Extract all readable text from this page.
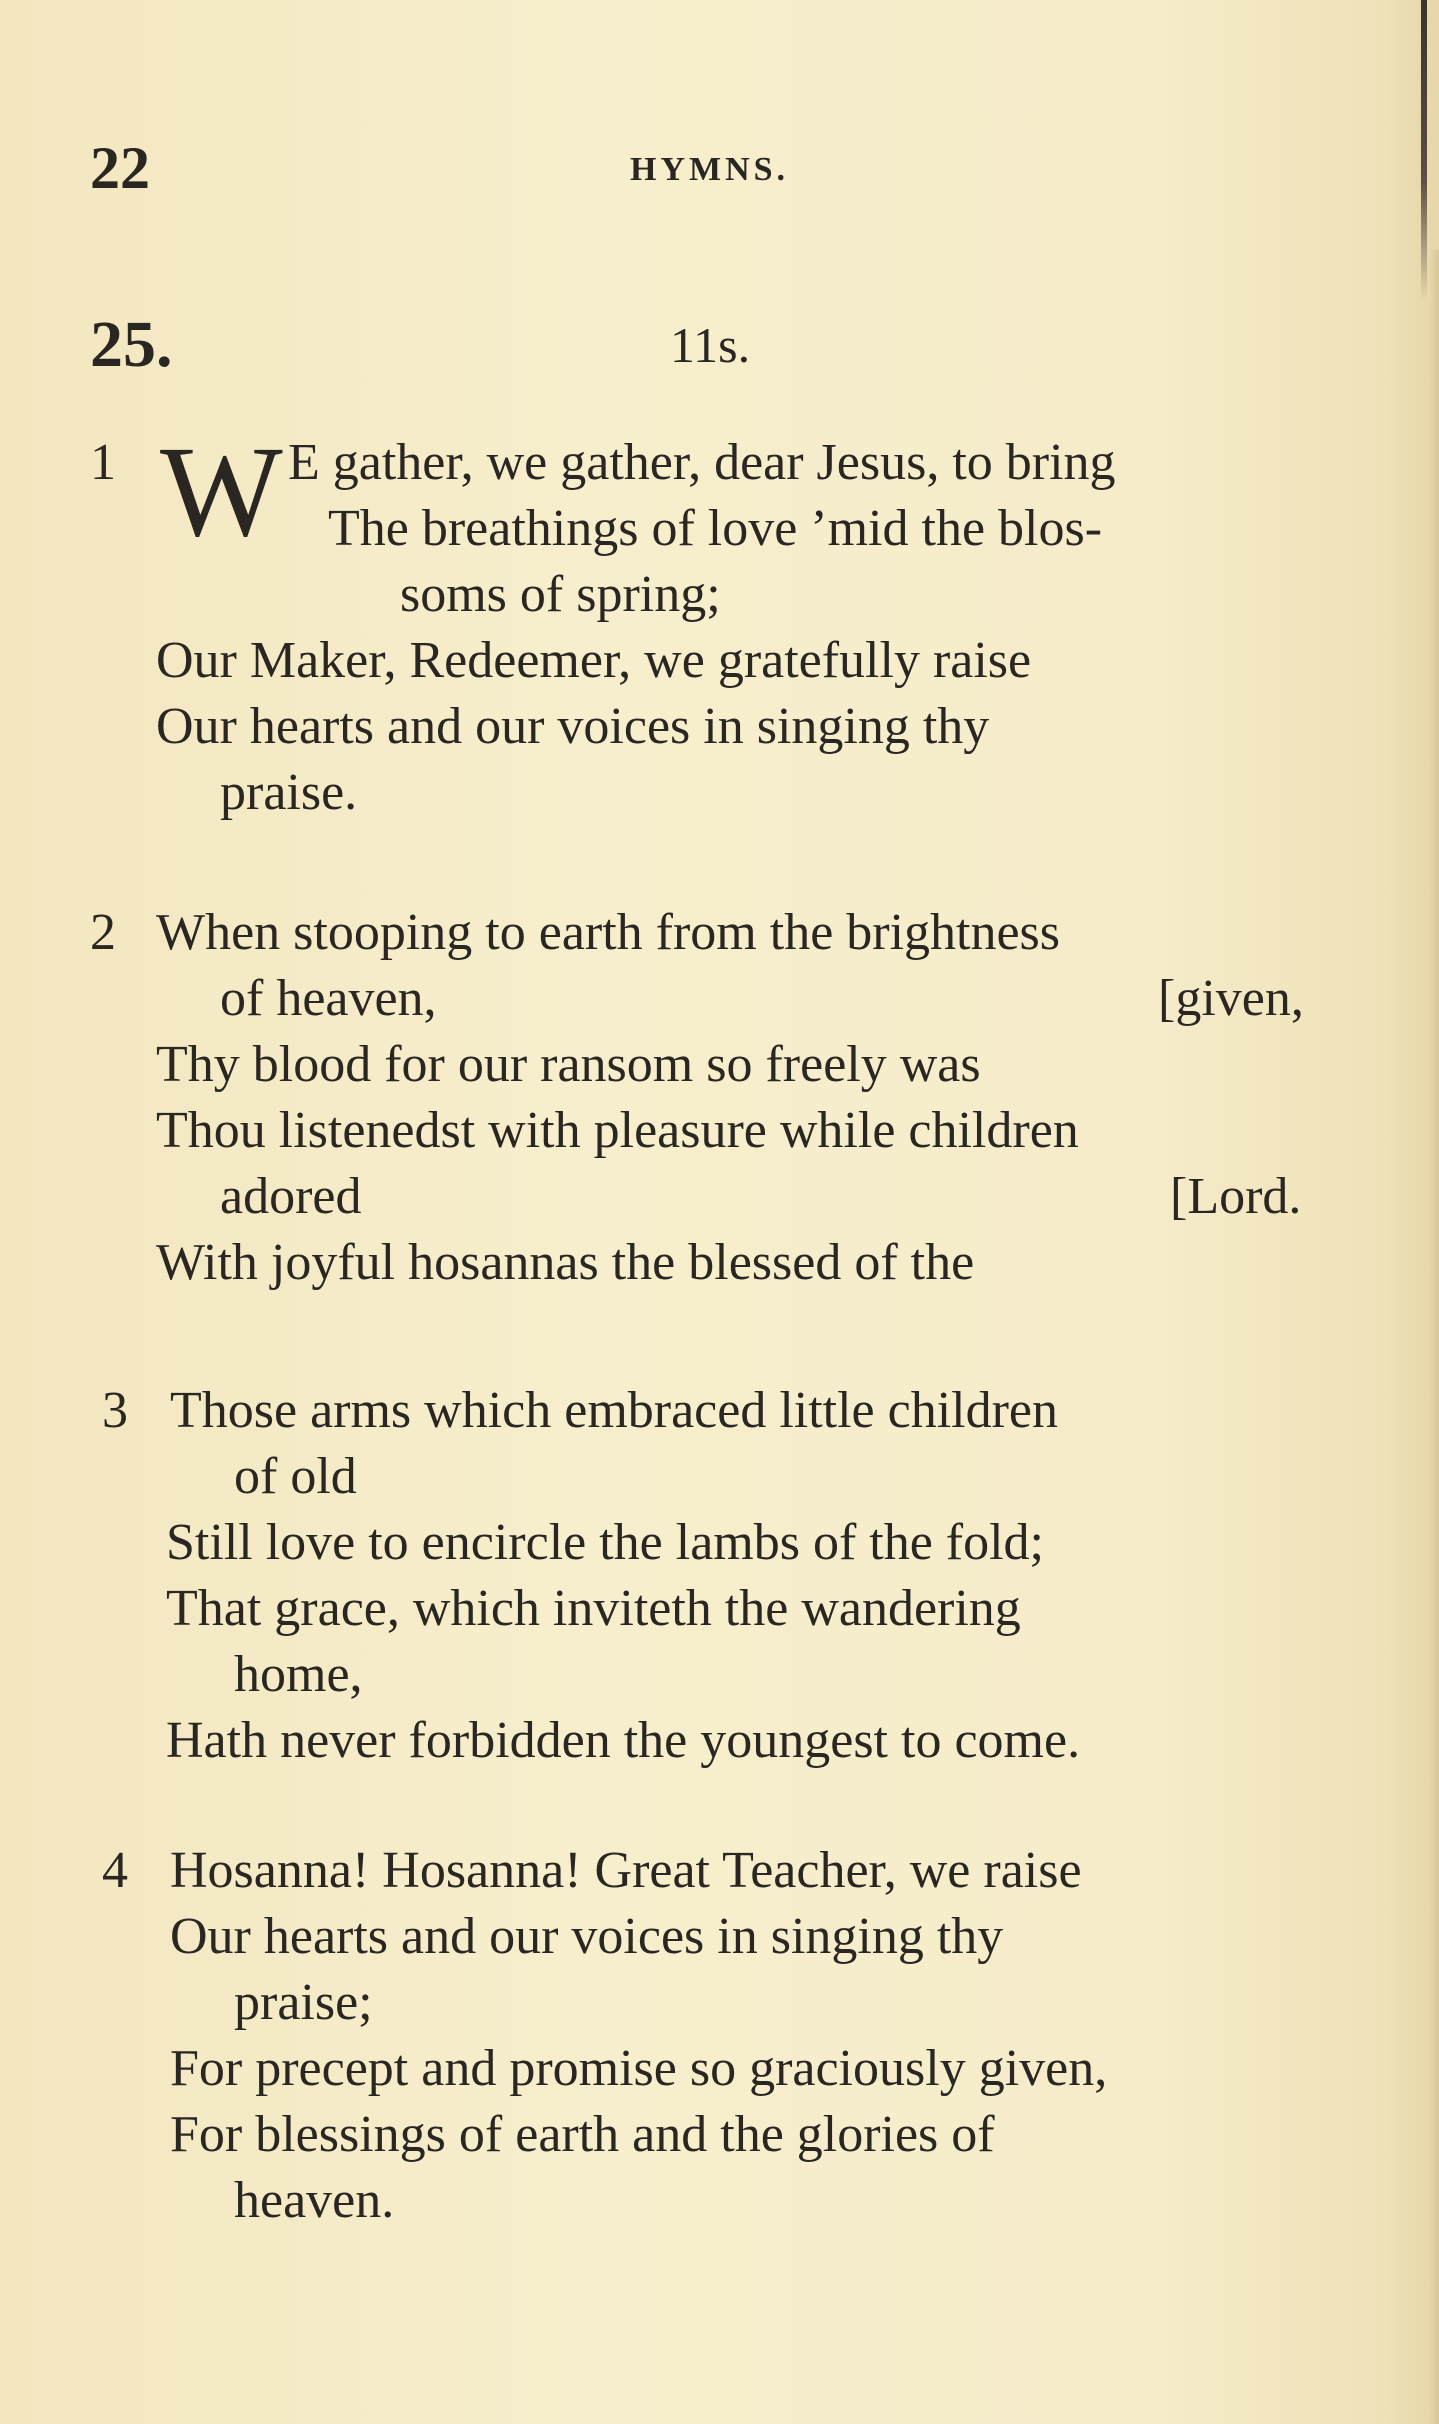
22	HYMNS.
25.	11s.
1 W E gather, we gather, dear Jesus, to bring
The breathings of love ’mid the blos-
soms of spring;
Our Maker, Redeemer, we gratefully raise
Our hearts and our voices in singing thy
praise.
2 When stooping to earth from the brightness
of heaven,	[given,
Thy blood for our ransom so freely was
Thou listenedst with pleasure while children
adored	[Lord.
With joyful hosannas the blessed of the
3 Those arms which embraced little children
of old
Still love to encircle the lambs of the fold;
That grace, which inviteth the wandering
home,
Hath never forbidden the youngest to come.
4 Hosanna! Hosanna! Great Teacher, we raise
Our hearts and our voices in singing thy
praise;
For precept and promise so graciously given,
For blessings of earth and the glories of
heaven.
